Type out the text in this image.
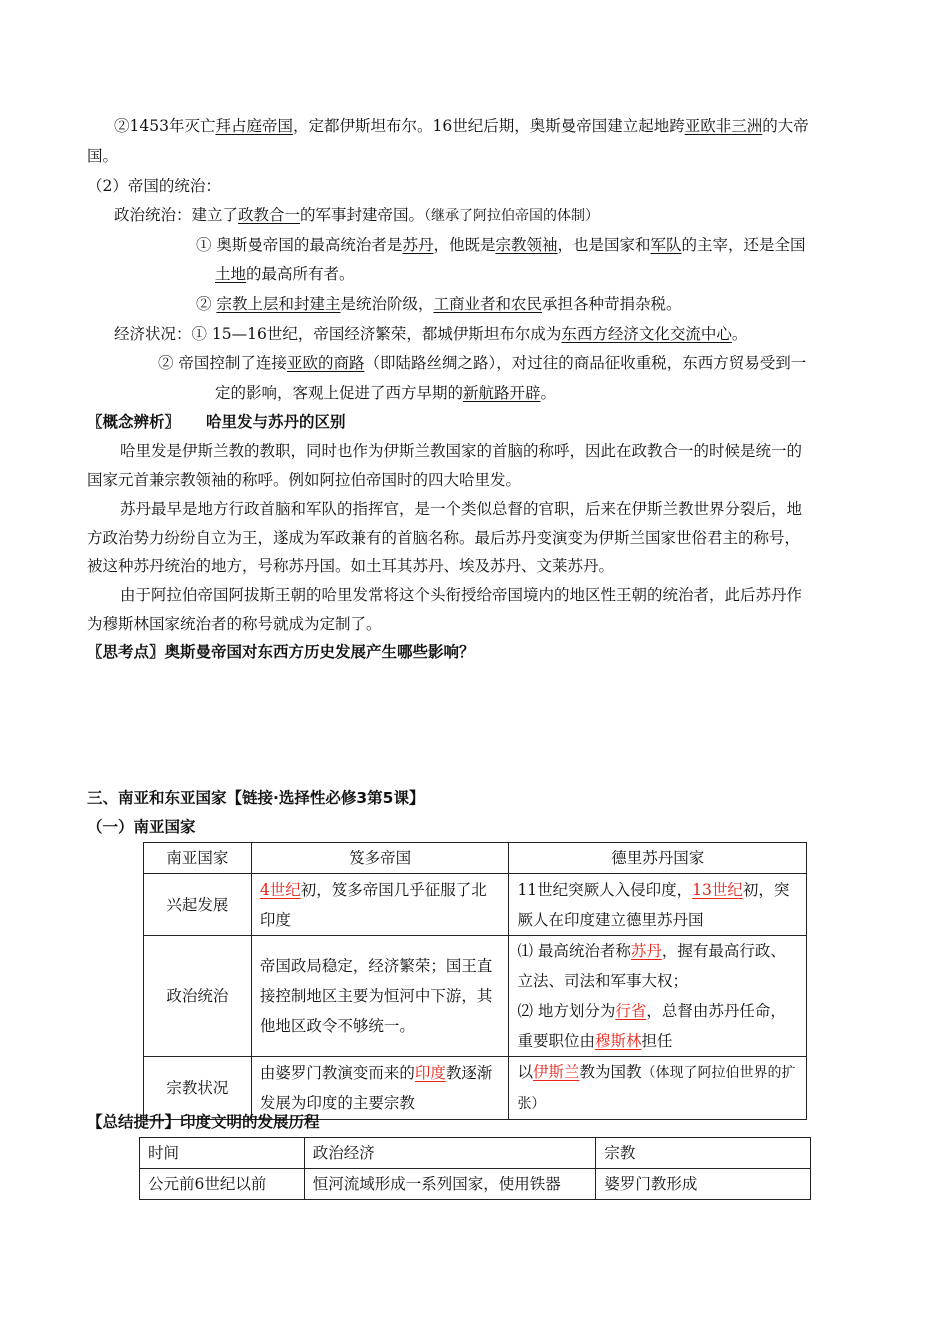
②1453年灭亡拜占庭帝国，定都伊斯坦布尔。16世纪后期，奥斯曼帝国建立起地跨亚欧非三洲的大帝
国。
（2）帝国的统治：
政治统治：建立了政教合一的军事封建帝国。（继承了阿拉伯帝国的体制）
① 奥斯曼帝国的最高统治者是苏丹，他既是宗教领袖，也是国家和军队的主宰，还是全国
土地的最高所有者。
② 宗教上层和封建主是统治阶级，工商业者和农民承担各种苛捐杂税。
经济状况：① 15—16世纪，帝国经济繁荣，都城伊斯坦布尔成为东西方经济文化交流中心。
② 帝国控制了连接亚欧的商路（即陆路丝绸之路），对过往的商品征收重税，东西方贸易受到一
定的影响，客观上促进了西方早期的新航路开辟。
〖概念辨析〗 哈里发与苏丹的区别
哈里发是伊斯兰教的教职，同时也作为伊斯兰教国家的首脑的称呼，因此在政教合一的时候是统一的
国家元首兼宗教领袖的称呼。例如阿拉伯帝国时的四大哈里发。
苏丹最早是地方行政首脑和军队的指挥官，是一个类似总督的官职，后来在伊斯兰教世界分裂后，地
方政治势力纷纷自立为王，遂成为军政兼有的首脑名称。最后苏丹变演变为伊斯兰国家世俗君主的称号，
被这种苏丹统治的地方，号称苏丹国。如土耳其苏丹、埃及苏丹、文莱苏丹。
由于阿拉伯帝国阿拔斯王朝的哈里发常将这个头衔授给帝国境内的地区性王朝的统治者，此后苏丹作
为穆斯林国家统治者的称号就成为定制了。
〖思考点〗奥斯曼帝国对东西方历史发展产生哪些影响？
三、南亚和东亚国家【链接·选择性必修3第5课】
（一）南亚国家
南亚国家	笈多帝国	德里苏丹国家
兴起发展	4世纪初，笈多帝国几乎征服了北印度	11世纪突厥人入侵印度，13世纪初，突厥人在印度建立德里苏丹国
政治统治	帝国政局稳定，经济繁荣；国王直接控制地区主要为恒河中下游，其他地区政令不够统一。	⑴ 最高统治者称苏丹，握有最高行政、立法、司法和军事大权；
⑵ 地方划分为行省，总督由苏丹任命，重要职位由穆斯林担任

宗教状况	由婆罗门教演变而来的印度教逐渐发展为印度的主要宗教	以伊斯兰教为国教（体现了阿拉伯世界的扩张）
【总结提升】印度文明的发展历程
时间	政治经济	宗教
公元前6世纪以前	恒河流域形成一系列国家，使用铁器	婆罗门教形成
